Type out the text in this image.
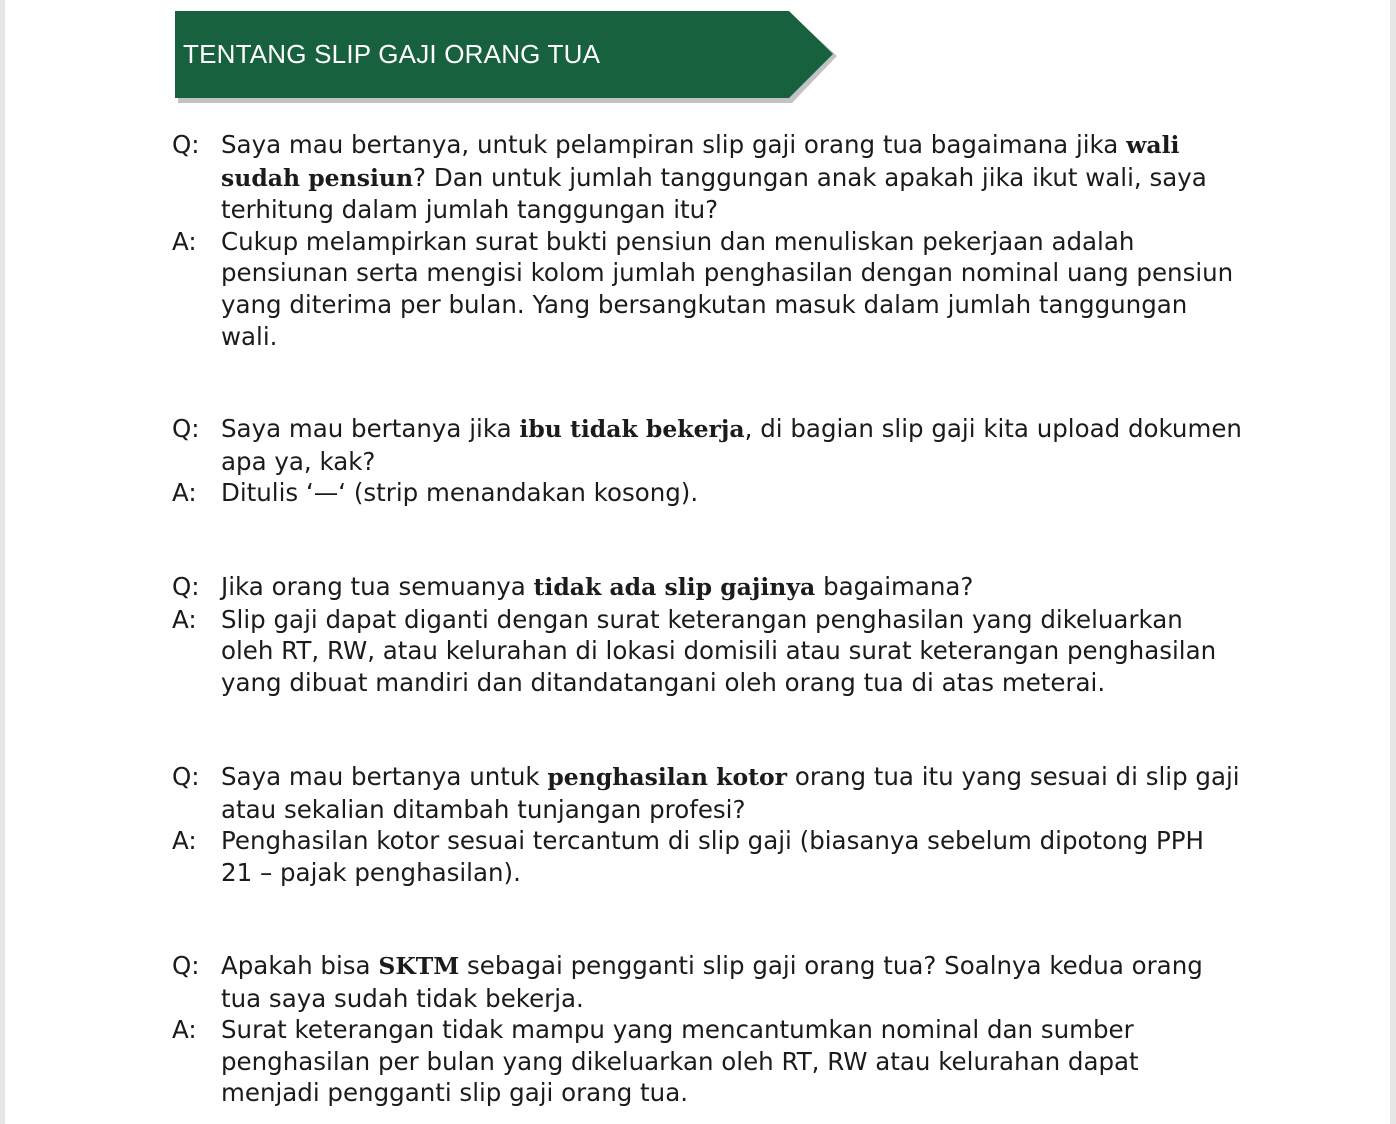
TENTANG SLIP GAJI ORANG TUA
Q: Saya mau bertanya, untuk pelampiran slip gaji orang tua bagaimana jika wali sudah pensiun? Dan untuk jumlah tanggungan anak apakah jika ikut wali, saya terhitung dalam jumlah tanggungan itu?
A: Cukup melampirkan surat bukti pensiun dan menuliskan pekerjaan adalah pensiunan serta mengisi kolom jumlah penghasilan dengan nominal uang pensiun yang diterima per bulan. Yang bersangkutan masuk dalam jumlah tanggungan wali.
Q: Saya mau bertanya jika ibu tidak bekerja, di bagian slip gaji kita upload dokumen apa ya, kak?
A: Ditulis ‘—‘ (strip menandakan kosong).
Q: Jika orang tua semuanya tidak ada slip gajinya bagaimana?
A: Slip gaji dapat diganti dengan surat keterangan penghasilan yang dikeluarkan oleh RT, RW, atau kelurahan di lokasi domisili atau surat keterangan penghasilan yang dibuat mandiri dan ditandatangani oleh orang tua di atas meterai.
Q: Saya mau bertanya untuk penghasilan kotor orang tua itu yang sesuai di slip gaji atau sekalian ditambah tunjangan profesi?
A: Penghasilan kotor sesuai tercantum di slip gaji (biasanya sebelum dipotong PPH 21 – pajak penghasilan).
Q: Apakah bisa SKTM sebagai pengganti slip gaji orang tua? Soalnya kedua orang tua saya sudah tidak bekerja.
A: Surat keterangan tidak mampu yang mencantumkan nominal dan sumber penghasilan per bulan yang dikeluarkan oleh RT, RW atau kelurahan dapat menjadi pengganti slip gaji orang tua.
